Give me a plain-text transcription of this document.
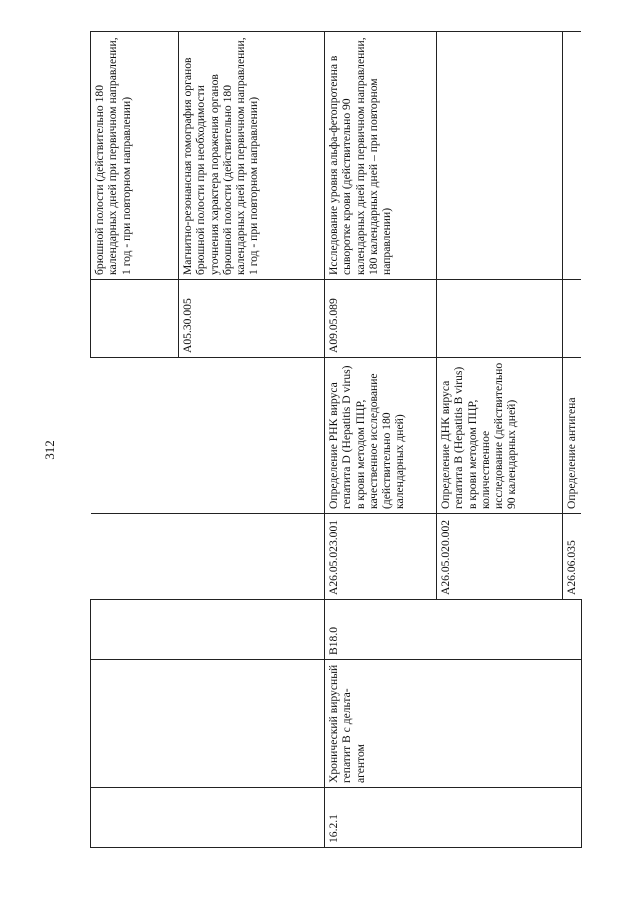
312
						брюшной полости (действительно 180 календарных дней при первичном направлении, 1 год - при повторном направлении)
					A05.30.005	Магнитно-резонансная томография органов брюшной полости при необходимости уточнения характера поражения органов брюшной полости (действительно 180 календарных дней при первичном направлении, 1 год - при повторном направлении)
16.2.1	Хронический вирусный гепатит В с дельта-агентом	B18.0	A26.05.023.001	Определение РНК вируса гепатита D (Hepatitis D virus) в крови методом ПЦР, качественное исследование (действительно 180 календарных дней)	A09.05.089	Исследование уровня альфа-фетопротеина в сыворотке крови (действительно 90 календарных дней при первичном направлении, 180 календарных дней – при повторном направлении)
			A26.05.020.002	Определение ДНК вируса гепатита В (Hepatitis B virus) в крови методом ПЦР, количественное исследование (действительно 90 календарных дней)		
			A26.06.035	Определение антигена		
